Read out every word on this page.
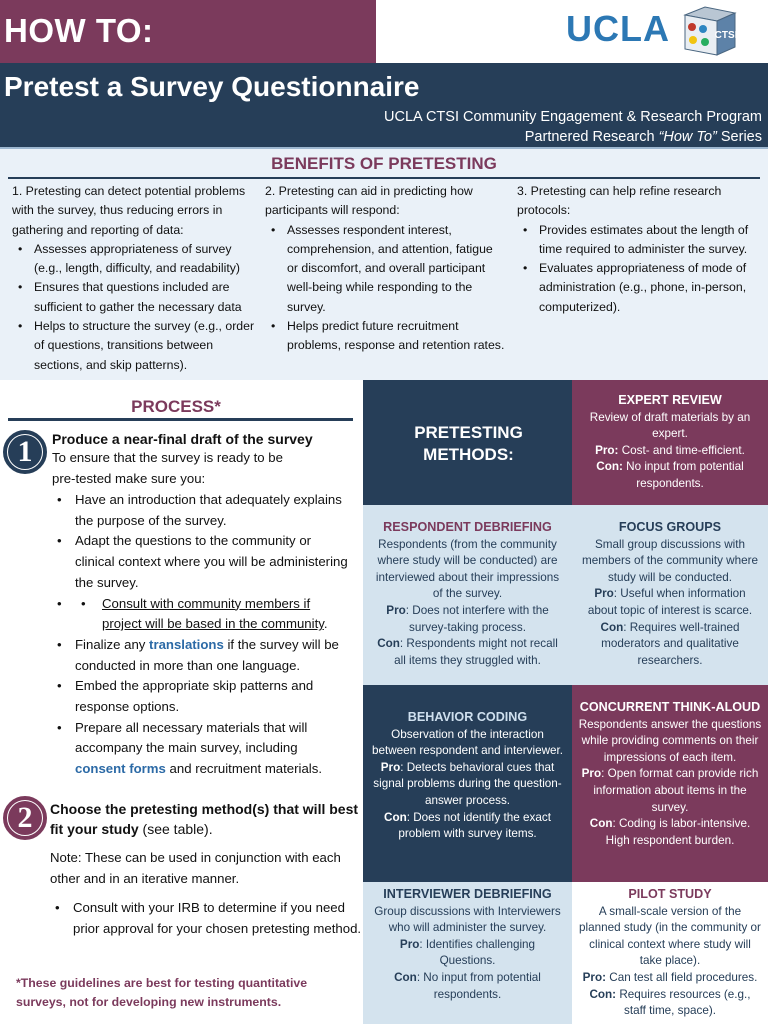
HOW TO:	UCLA	CTSI
Pretest a Survey Questionnaire
UCLA CTSI Community Engagement & Research Program
Partnered Research “How To” Series
BENEFITS OF PRETESTING
1. Pretesting can detect potential problems with the survey, thus reducing errors in gathering and reporting of data:
• Assesses appropriateness of survey (e.g., length, difficulty, and readability)
• Ensures that questions included are sufficient to gather the necessary data
• Helps to structure the survey (e.g., order of questions, transitions between sections, and skip patterns).
2. Pretesting can aid in predicting how participants will respond:
• Assesses respondent interest, comprehension, and attention, fatigue or discomfort, and overall participant well-being while responding to the survey.
• Helps predict future recruitment problems, response and retention rates.
3. Pretesting can help refine research protocols:
• Provides estimates about the length of time required to administer the survey.
• Evaluates appropriateness of mode of administration (e.g., phone, in-person, computerized).
PROCESS*
1	Produce a near-final draft of the survey
To ensure that the survey is ready to be
pre-tested make sure you:
• Have an introduction that adequately explains the purpose of the survey.
• Adapt the questions to the community or clinical context where you will be administering the survey.
• • Consult with community members if project will be based in the community.
• Finalize any translations if the survey will be conducted in more than one language.
• Embed the appropriate skip patterns and response options.
• Prepare all necessary materials that will accompany the main survey, including consent forms and recruitment materials.
2	Choose the pretesting method(s) that will best fit your study (see table).
Note: These can be used in conjunction with each other and in an iterative manner.
• Consult with your IRB to determine if you need prior approval for your chosen pretesting method.
*These guidelines are best for testing quantitative surveys, not for developing new instruments.
PRETESTING
METHODS:
EXPERT REVIEW
Review of draft materials by an expert.
Pro: Cost- and time-efficient.
Con: No input from potential respondents.
RESPONDENT DEBRIEFING
Respondents (from the community where study will be conducted) are interviewed about their impressions of the survey.
Pro: Does not interfere with the survey-taking process.
Con: Respondents might not recall all items they struggled with.
FOCUS GROUPS
Small group discussions with members of the community where study will be conducted.
Pro: Useful when information about topic of interest is scarce.
Con: Requires well-trained moderators and qualitative researchers.
BEHAVIOR CODING
Observation of the interaction between respondent and interviewer.
Pro: Detects behavioral cues that signal problems during the question-answer process.
Con: Does not identify the exact problem with survey items.
CONCURRENT THINK-ALOUD
Respondents answer the questions while providing comments on their impressions of each item.
Pro: Open format can provide rich information about items in the survey.
Con: Coding is labor-intensive. High respondent burden.
INTERVIEWER DEBRIEFING
Group discussions with Interviewers who will administer the survey.
Pro: Identifies challenging Questions.
Con: No input from potential respondents.
PILOT STUDY
A small-scale version of the planned study (in the community or clinical context where study will take place).
Pro: Can test all field procedures.
Con: Requires resources (e.g., staff time, space).
